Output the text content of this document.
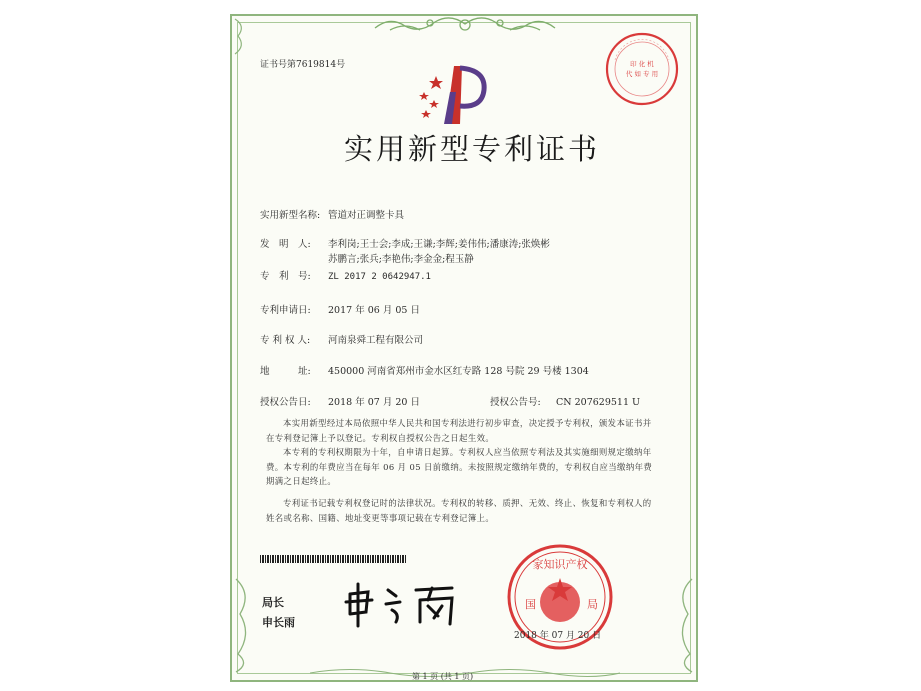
证书号第7619814号	印 化 机
代 如 专 用
实用新型专利证书
实用新型名称: 管道对正调整卡具
发　明　人: 李利岗;王士会;李成;王谦;李辉;姜伟伟;潘康涛;张焕彬
苏鹏言;张兵;李艳伟;李金金;程玉静
专　利　号: ZL 2017 2 0642947.1
专利申请日: 2017 年 06 月 05 日
专 利 权 人: 河南泉舜工程有限公司
地　　　址: 450000 河南省郑州市金水区红专路 128 号院 29 号楼 1304
授权公告日: 2018 年 07 月 20 日	授权公告号: CN 207629511 U
本实用新型经过本局依照中华人民共和国专利法进行初步审查，决定授予专利权，颁发本证书并在专利登记簿上予以登记。专利权自授权公告之日起生效。
本专利的专利权期限为十年，自申请日起算。专利权人应当依照专利法及其实施细则规定缴纳年费。本专利的年费应当在每年 06 月 05 日前缴纳。未按照规定缴纳年费的，专利权自应当缴纳年费期满之日起终止。
专利证书记载专利权登记时的法律状况。专利权的转移、质押、无效、终止、恢复和专利权人的姓名或名称、国籍、地址变更等事项记载在专利登记簿上。
局长
申长雨
家知识产权
国	局
2018 年 07 月 20 日
第 1 页 (共 1 页)
